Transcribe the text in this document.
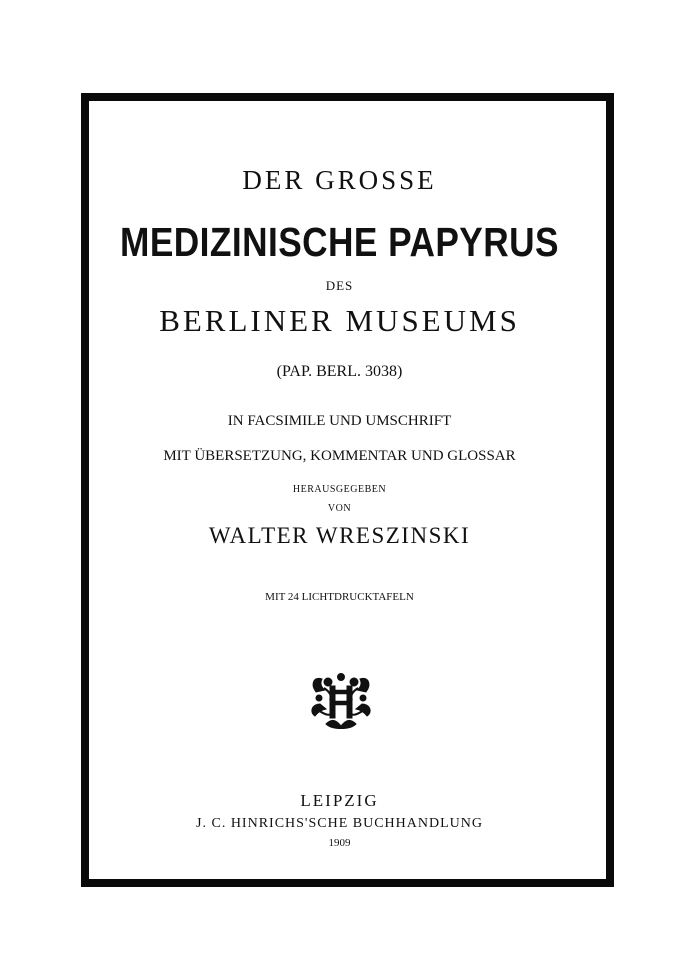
DER GROSSE
MEDIZINISCHE PAPYRUS
DES
BERLINER MUSEUMS
(PAP. BERL. 3038)
IN FACSIMILE UND UMSCHRIFT
MIT ÜBERSETZUNG, KOMMENTAR UND GLOSSAR
HERAUSGEGEBEN
VON
WALTER WRESZINSKI
MIT 24 LICHTDRUCKTAFELN
LEIPZIG
J. C. HINRICHS'SCHE BUCHHANDLUNG
1909
